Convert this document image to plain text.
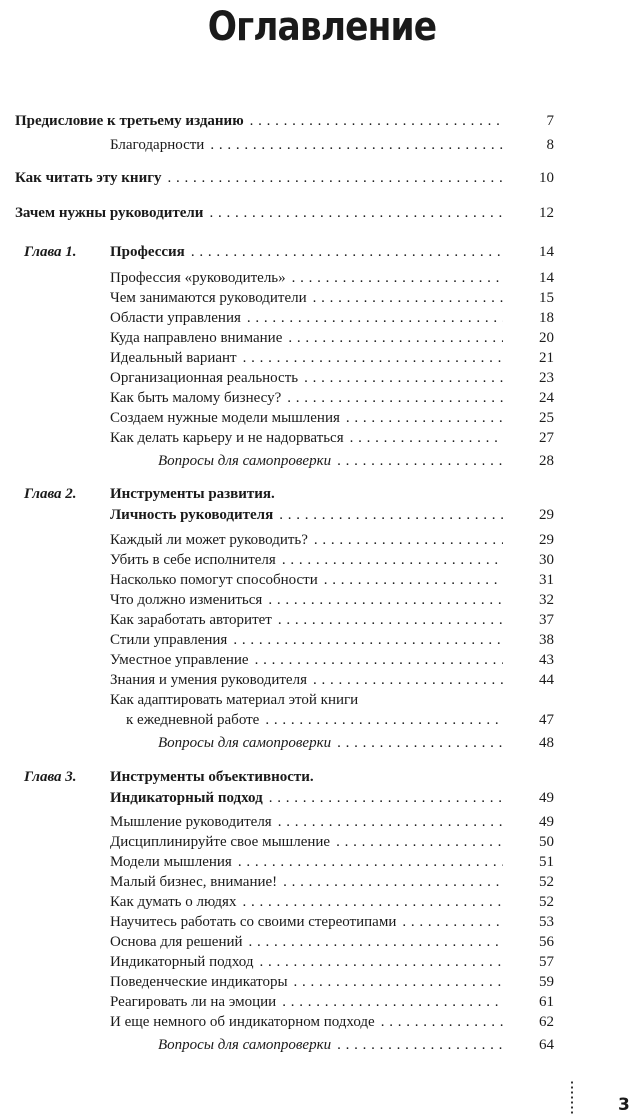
Оглавление
Предисловие к третьему изданию . . .	7
Благодарности . . .	8
Как читать эту книгу . . .	10
Зачем нужны руководители . . .	12
Глава 1.	Профессия . . .	14
Профессия «руководитель» . . .	14
Чем занимаются руководители . . .	15
Области управления . . .	18
Куда направлено внимание . . .	20
Идеальный вариант . . .	21
Организационная реальность . . .	23
Как быть малому бизнесу? . . .	24
Создаем нужные модели мышления . . .	25
Как делать карьеру и не надорваться . . .	27
Вопросы для самопроверки . . .	28
Глава 2.	Инструменты развития.
Личность руководителя . . .	29
Каждый ли может руководить? . . .	29
Убить в себе исполнителя . . .	30
Насколько помогут способности . . .	31
Что должно измениться . . .	32
Как заработать авторитет . . .	37
Стили управления . . .	38
Уместное управление . . .	43
Знания и умения руководителя . . .	44
Как адаптировать материал этой книги
к ежедневной работе . . .	47
Вопросы для самопроверки . . .	48
Глава 3.	Инструменты объективности.
Индикаторный подход . . .	49
Мышление руководителя . . .	49
Дисциплинируйте свое мышление . . .	50
Модели мышления . . .	51
Малый бизнес, внимание! . . .	52
Как думать о людях . . .	52
Научитесь работать со своими стереотипами . . .	53
Основа для решений . . .	56
Индикаторный подход . . .	57
Поведенческие индикаторы . . .	59
Реагировать ли на эмоции . . .	61
И еще немного об индикаторном подходе . . .	62
Вопросы для самопроверки . . .	64
3
